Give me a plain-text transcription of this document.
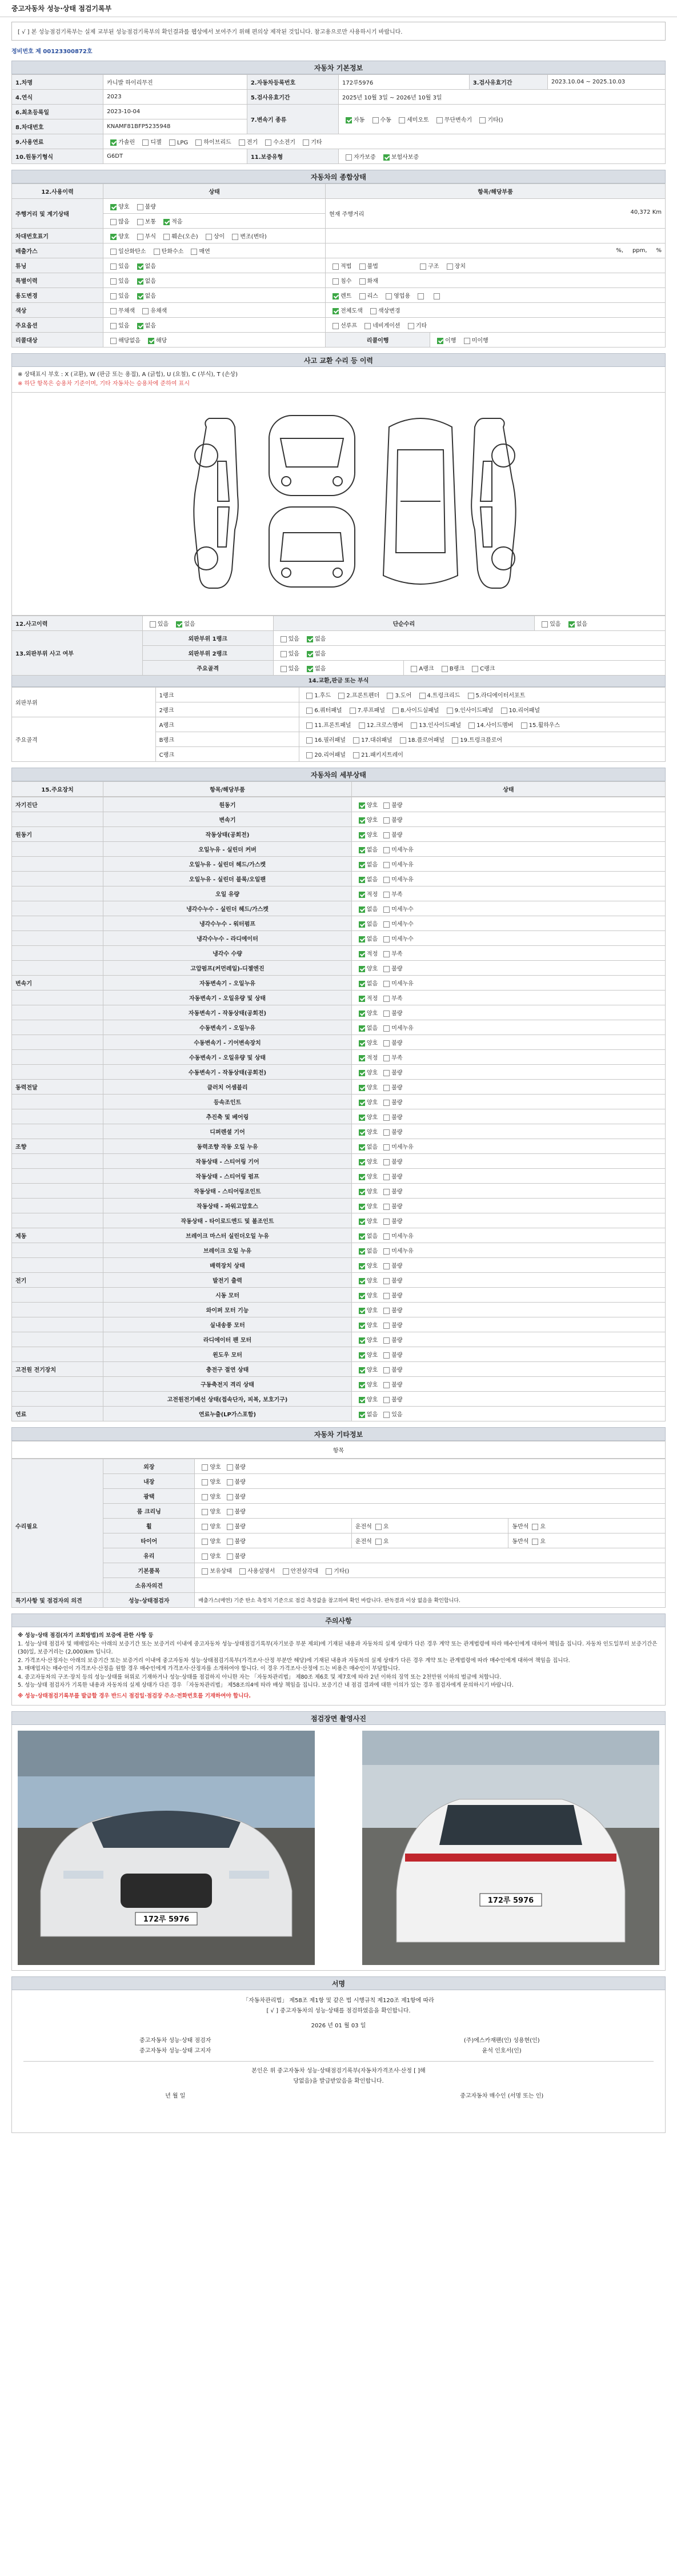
중고자동차 성능·상태 점검기록부
[ √ ] 본 성능점검기록부는 실제 교부된 성능점검기록부의 확인결과를 웹상에서 보여주기 위해 편의상 제작된 것입니다. 참고용으로만 사용하시기 바랍니다.
정비번호 제 00123300872호
자동차 기본정보
1.차명	카니발 하이리무진	2.자동차등록번호	172루5976	3.검사유효기간	2023.10.04 ~ 2025.10.03
4.연식	2023	5.검사유효기간	2025년 10월 3일 ~ 2026년 10월 3일		
6.최초등록일	2023-10-04	7.변속기 종류	자동 수동 세미오토 무단변속기 기타()		
8.차대번호	KNAMF81BFP5235948				
9.사용연료	가솔린 디젤 LPG 하이브리드 전기 수소전기 기타				
10.원동기형식	G6DT	11.보증유형	자가보증 보험사보증		
자동차의 종합상태
12.사용이력	상태	항목/해당부품	
주행거리 및 계기상태	양호 불량	현재 주행거리 40,372 Km	

	많음 보통 적음		
차대번호표기	양호 부식 훼손(오손) 상이 변조(변타)		
배출가스	일산화탄소 탄화수소 매연	%, ppm, %	
튜닝	있음 없음	적법 불법 구조 장치	
특별이력	있음 없음	침수 화재	
용도변경	있음 없음	렌트 리스 영업용	
색상	무채색 유채색	전체도색 색상변경	
주요옵션	있음 없음	선루프 네비게이션 기타	
리콜대상	해당없음 해당	리콜이행	이행 미이행
사고 교환 수리 등 이력
※ 상태표시 부호 : X (교환), W (판금 또는 용접), A (긁힘), U (요철), C (부식), T (손상)
※ 하단 항목은 승용차 기준이며, 기타 자동차는 승용차에 준하여 표시
12.사고이력	있음 없음	단순수리		있음 없음
13.외판부위 사고 여부	외판부위 1랭크	있음 없음		
	외판부위 2랭크	있음 없음		
	주요골격	있음 없음	A랭크 B랭크 C랭크	
14.교환,판금 또는 부식
외판부위	1랭크	1.후드 2.프론트펜더 3.도어 4.트렁크리드 5.라디에이터서포트
	2랭크	6.쿼터패널 7.루프패널 8.사이드실패널 9.인사이드패널 10.리어패널
주요골격	A랭크	11.프론트패널 12.크로스멤버 13.인사이드패널 14.사이드멤버 15.휠하우스
	B랭크	16.필러패널 17.대쉬패널 18.플로어패널 19.트렁크플로어
	C랭크	20.리어패널 21.패키지트레이
자동차의 세부상태
15.주요장치	항목/해당부품	상태
자기진단	원동기	양호 불량
	변속기	양호 불량
원동기	작동상태(공회전)	양호 불량
	오일누유 - 실린더 커버	없음 미세누유
	오일누유 - 실린더 헤드/가스켓	없음 미세누유
	오일누유 - 실린더 블록/오일팬	없음 미세누유
	오일 유량	적정 부족
	냉각수누수 - 실린더 헤드/가스켓	없음 미세누수
	냉각수누수 - 워터펌프	없음 미세누수
	냉각수누수 - 라디에이터	없음 미세누수
	냉각수 수량	적정 부족
	고압펌프(커먼레일)-디젤엔진	양호 불량
변속기	자동변속기 - 오일누유	없음 미세누유
	자동변속기 - 오일유량 및 상태	적정 부족
	자동변속기 - 작동상태(공회전)	양호 불량
	수동변속기 - 오일누유	없음 미세누유
	수동변속기 - 기어변속장치	양호 불량
	수동변속기 - 오일유량 및 상태	적정 부족
	수동변속기 - 작동상태(공회전)	양호 불량
동력전달	클러치 어셈블리	양호 불량
	등속조인트	양호 불량
	추진축 및 베어링	양호 불량
	디퍼렌셜 기어	양호 불량
조향	동력조향 작동 오일 누유	없음 미세누유
	작동상태 - 스티어링 기어	양호 불량
	작동상태 - 스티어링 펌프	양호 불량
	작동상태 - 스티어링조인트	양호 불량
	작동상태 - 파워고압호스	양호 불량
	작동상태 - 타이로드엔드 및 볼조인트	양호 불량
제동	브레이크 마스터 실린더오일 누유	없음 미세누유
	브레이크 오일 누유	없음 미세누유
	배력장치 상태	양호 불량
전기	발전기 출력	양호 불량
	시동 모터	양호 불량
	와이퍼 모터 기능	양호 불량
	실내송풍 모터	양호 불량
	라디에이터 팬 모터	양호 불량
	윈도우 모터	양호 불량
고전원 전기장치	충전구 절연 상태	양호 불량
	구동축전지 격리 상태	양호 불량
	고전원전기배선 상태(접속단자, 피복, 보호기구)	양호 불량
연료	연료누출(LP가스포함)	없음 있음
자동차 기타정보
항목
수리필요	외장	양호 불량		
	내장	양호 불량		
	광택	양호 불량		
	룸 크리닝	양호 불량		
	휠	양호 불량	운전석 요	동반석 요
	타이어	양호 불량	운전석 요	동반석 요
	유리	양호 불량		
	기본품목	보유상태 사용설명서 안전삼각대 기타()		
	소유자의견			
특기사항 및 점검자의 의견	성능·상태점검자	배출가스(매연) 기준 탄소 측정치 기준으로 점검 측정값을 참고하여 확인 바랍니다. 판독결과 이상 없음을 확인합니다.		
주의사항
※ 성능·상태 점검(자기 조회방법)의 보증에 관한 사항 등
1. 성능·상태 점검자 및 매매업자는 아래의 보증기간 또는 보증거리 이내에 중고자동차 성능·상태점검기록부(자기보증 부분 제외)에 기재된 내용과 자동차의 실제 상태가 다른 경우 계약 또는 관계법령에 따라 매수인에게 대하여 책임을 집니다. 자동차 인도일부터 보증기간은 (30)일, 보증거리는 (2,000)km 입니다.
2. 가격조사·산정자는 아래의 보증기간 또는 보증거리 이내에 중고자동차 성능·상태점검기록부(가격조사·산정 부분만 해당)에 기재된 내용과 자동차의 실제 상태가 다른 경우 계약 또는 관계법령에 따라 매수인에게 대하여 책임을 집니다.
3. 매매업자는 매수인이 가격조사·산정을 원할 경우 매수인에게 가격조사·산정자를 소개하여야 합니다. 이 경우 가격조사·산정에 드는 비용은 매수인이 부담합니다.
4. 중고자동차의 구조·장치 등의 성능·상태를 허위로 기재하거나 성능·상태를 점검하지 아니한 자는 「자동차관리법」 제80조 제6호 및 제7호에 따라 2년 이하의 징역 또는 2천만원 이하의 벌금에 처합니다.
5. 성능·상태 점검자가 기록한 내용과 자동차의 실제 상태가 다른 경우 「자동차관리법」 제58조의4에 따라 배상 책임을 집니다. 보증기간 내 점검 결과에 대한 이의가 있는 경우 점검자에게 문의하시기 바랍니다.
※ 성능·상태점검기록부를 발급할 경우 반드시 점검일·점검장 주소·전화번호를 기재하여야 합니다.
점검장면 촬영사진
172루 5976
172루 5976
서명
「자동차관리법」 제58조 제1항 및 같은 법 시행규칙 제120조 제1항에 따라
[ √ ] 중고자동차의 성능·상태를 점검하였음을 확인합니다.
2026 년 01 월 03 일
중고자동차 성능·상태 점검자	(주)에스카재팬(인) 성용현(인)
중고자동차 성능·상태 고지자	윤석 인호서(인)
본인은 위 중고자동차 성능·상태점검기록부(자동차가격조사·산정 [ ]해
당없음)을 발급받았음을 확인합니다.
년 월 일	중고자동차 매수인 (서명 또는 인)
